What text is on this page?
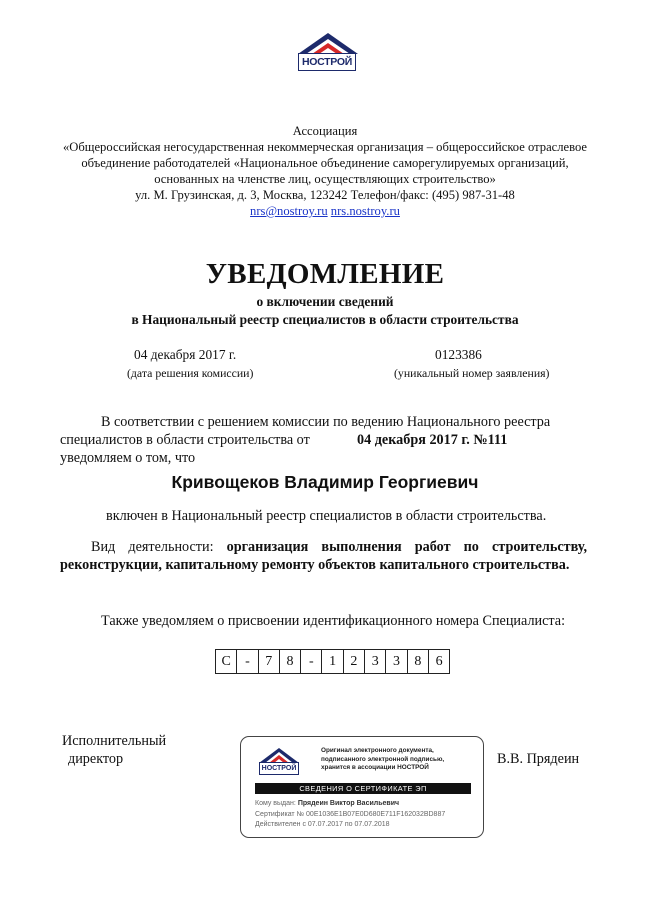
НОСТРОЙ
Ассоциация
«Общероссийская негосударственная некоммерческая организация – общероссийское отраслевое
объединение работодателей «Национальное объединение саморегулируемых организаций,
основанных на членстве лиц, осуществляющих строительство»
ул. М. Грузинская, д. 3, Москва, 123242 Телефон/факс: (495) 987-31-48
nrs@nostroy.ru nrs.nostroy.ru
УВЕДОМЛЕНИЕ
о включении сведений
в Национальный реестр специалистов в области строительства
04 декабря 2017 г.
(дата решения комиссии)
0123386
(уникальный номер заявления)
В соответствии с решением комиссии по ведению Национального реестра
специалистов в области строительства от	04 декабря 2017 г. №111
уведомляем о том, что
Кривощеков Владимир Георгиевич
включен в Национальный реестр специалистов в области строительства.
Вид деятельности: организация выполнения работ по строительству, реконструкции, капитальному ремонту объектов капитального строительства.
Также уведомляем о присвоении идентификационного номера Специалиста:
С	-	7	8	-	1	2	3	3	8	6
Исполнительный
директор	В.В. Прядеин
НОСТРОЙ
Оригинал электронного документа,
подписанного электронной подписью,
хранится в ассоциации НОСТРОЙ
СВЕДЕНИЯ О СЕРТИФИКАТЕ ЭП
Кому выдан: Прядеин Виктор Васильевич
Сертификат № 00E1036E1B07E0D680E711F162032BD887
Действителен с 07.07.2017 по 07.07.2018
